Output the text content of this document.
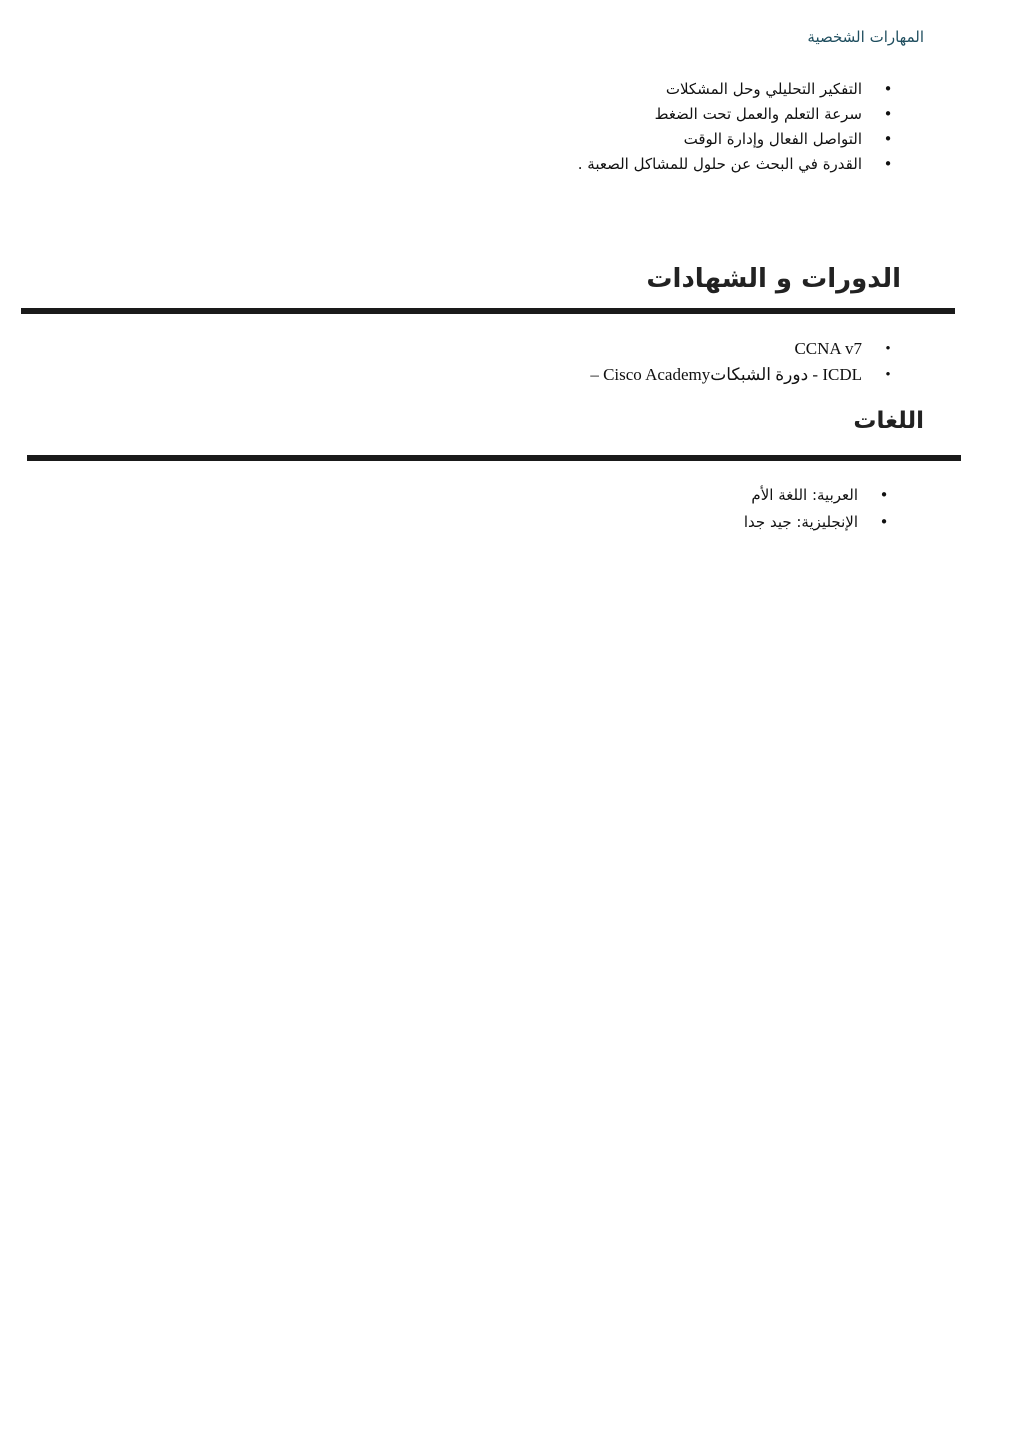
المهارات الشخصية
•
التفكير التحليلي وحل المشكلات
•
سرعة التعلم والعمل تحت الضغط
•
التواصل الفعال وإدارة الوقت
•
القدرة في البحث عن حلول للمشاكل الصعبة .
الدورات و الشهادات
•
CCNA v7
•
ICDL - دورة الشبكاتCisco Academy –
اللغات
•
العربية: اللغة الأم
•
الإنجليزية: جيد جدا
